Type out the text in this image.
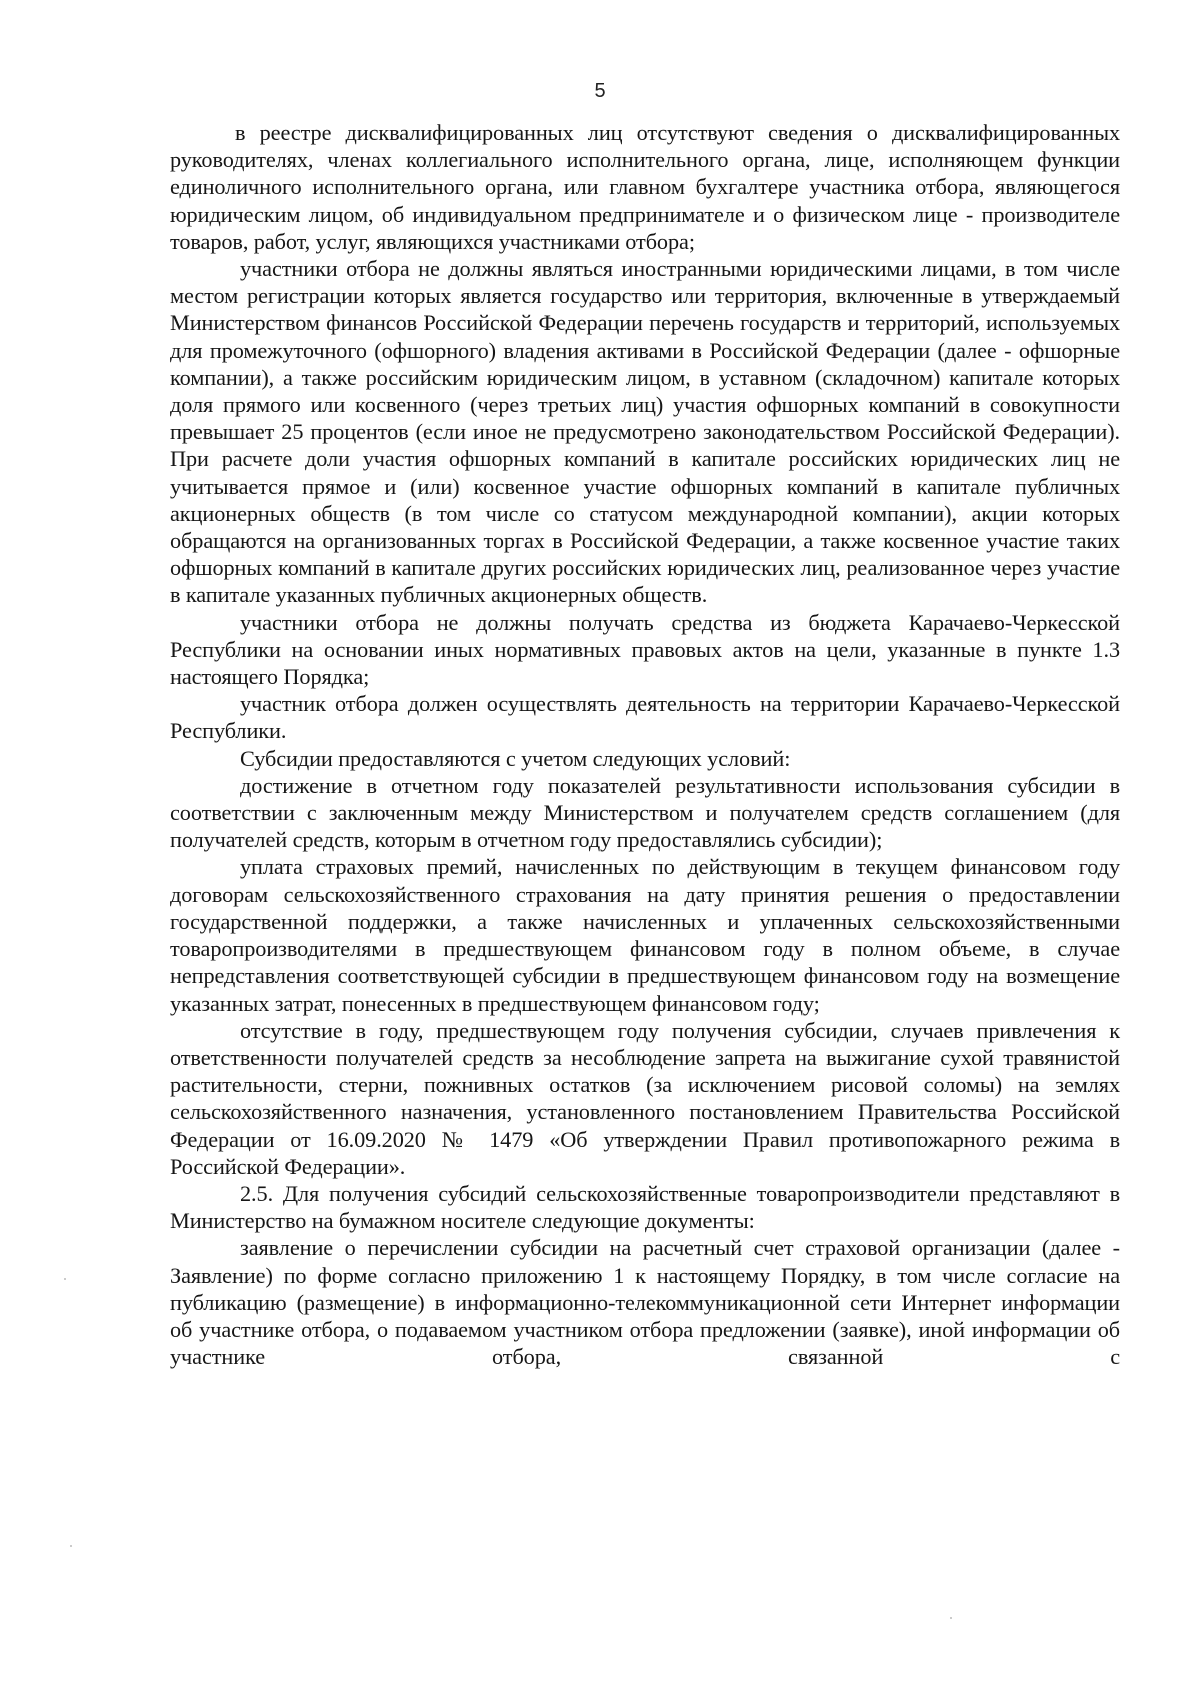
5

в реестре дисквалифицированных лиц отсутствуют сведения о дисквалифицированных руководителях, членах коллегиального исполнительного органа, лице, исполняющем функции единоличного исполнительного органа, или главном бухгалтере участника отбора, являющегося юридическим лицом, об индивидуальном предпринимателе и о физическом лице - производителе товаров, работ, услуг, являющихся участниками отбора;

участники отбора не должны являться иностранными юридическими лицами, в том числе местом регистрации которых является государство или территория, включенные в утверждаемый Министерством финансов Российской Федерации перечень государств и территорий, используемых для промежуточного (офшорного) владения активами в Российской Федерации (далее - офшорные компании), а также российским юридическим лицом, в уставном (складочном) капитале которых доля прямого или косвенного (через третьих лиц) участия офшорных компаний в совокупности превышает 25 процентов (если иное не предусмотрено законодательством Российской Федерации). При расчете доли участия офшорных компаний в капитале российских юридических лиц не учитывается прямое и (или) косвенное участие офшорных компаний в капитале публичных акционерных обществ (в том числе со статусом международной компании), акции которых обращаются на организованных торгах в Российской Федерации, а также косвенное участие таких офшорных компаний в капитале других российских юридических лиц, реализованное через участие в капитале указанных публичных акционерных обществ.

участники отбора не должны получать средства из бюджета Карачаево-Черкесской Республики на основании иных нормативных правовых актов на цели, указанные в пункте 1.3 настоящего Порядка;

участник отбора должен осуществлять деятельность на территории Карачаево-Черкесской Республики.

Субсидии предоставляются с учетом следующих условий:

достижение в отчетном году показателей результативности использования субсидии в соответствии с заключенным между Министерством и получателем средств соглашением (для получателей средств, которым в отчетном году предоставлялись субсидии);

уплата страховых премий, начисленных по действующим в текущем финансовом году договорам сельскохозяйственного страхования на дату принятия решения о предоставлении государственной поддержки, а также начисленных и уплаченных сельскохозяйственными товаропроизводителями в предшествующем финансовом году в полном объеме, в случае непредставления соответствующей субсидии в предшествующем финансовом году на возмещение указанных затрат, понесенных в предшествующем финансовом году;

отсутствие в году, предшествующем году получения субсидии, случаев привлечения к ответственности получателей средств за несоблюдение запрета на выжигание сухой травянистой растительности, стерни, пожнивных остатков (за исключением рисовой соломы) на землях сельскохозяйственного назначения, установленного постановлением Правительства Российской Федерации от 16.09.2020 № 1479 «Об утверждении Правил противопожарного режима в Российской Федерации».

2.5. Для получения субсидий сельскохозяйственные товаропроизводители представляют в Министерство на бумажном носителе следующие документы:

заявление о перечислении субсидии на расчетный счет страховой организации (далее - Заявление) по форме согласно приложению 1 к настоящему Порядку, в том числе согласие на публикацию (размещение) в информационно-телекоммуникационной сети Интернет информации об участнике отбора, о подаваемом участником отбора предложении (заявке), иной информации об участнике отбора, связанной с
